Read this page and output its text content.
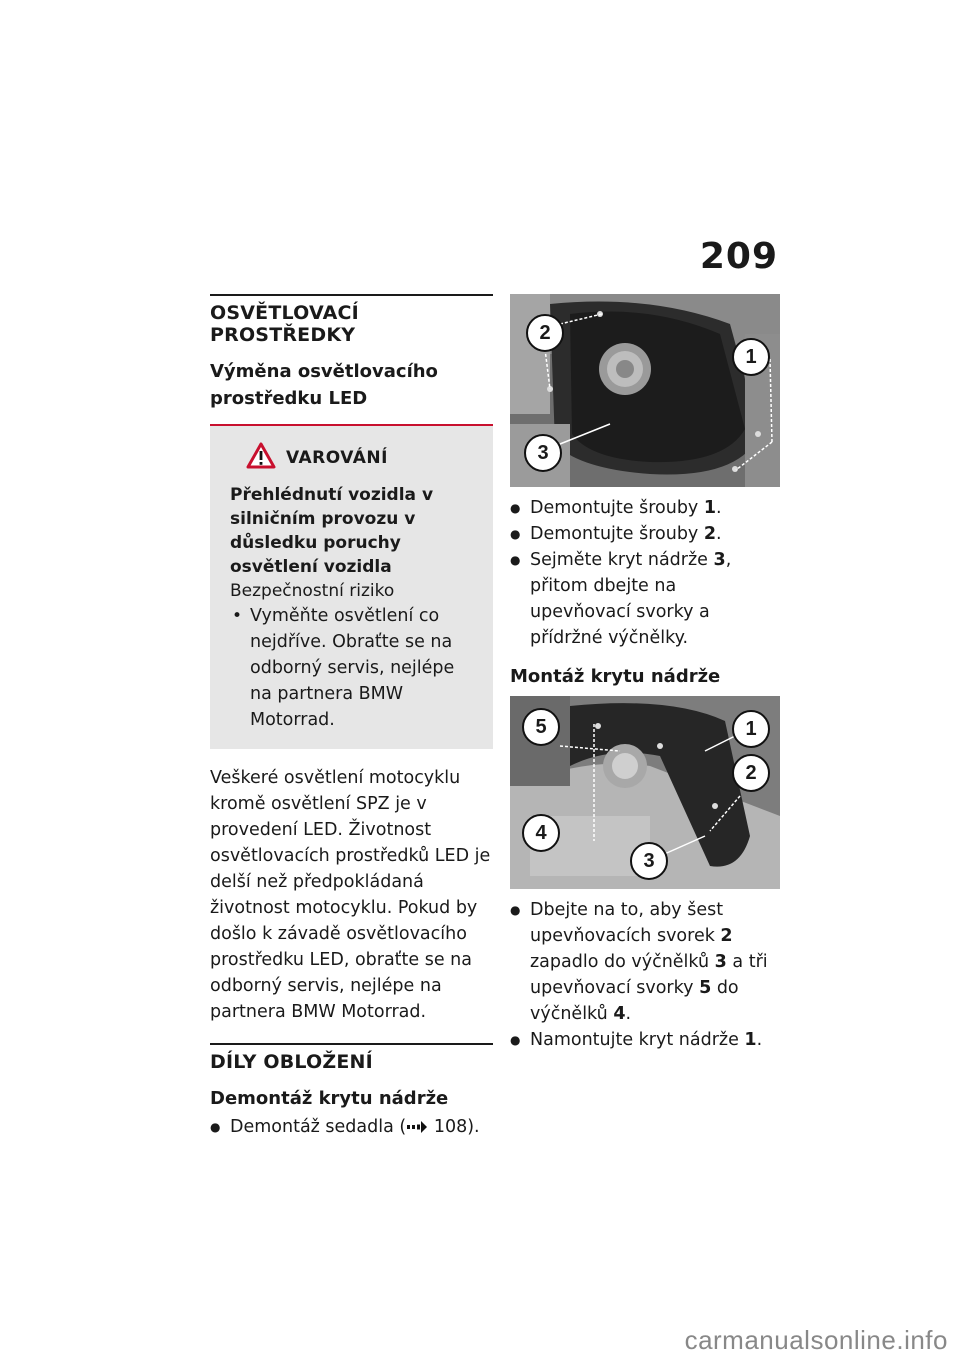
209
OSVĚTLOVACÍ PROSTŘEDKY
Výměna osvětlovacího prostředku LED
VAROVÁNÍ
Přehlédnutí vozidla v silničním provozu v důsledku poruchy osvětlení vozidla
Bezpečnostní riziko
• Vyměňte osvětlení co nejdříve. Obraťte se na odborný servis, nejlépe na partnera BMW Motorrad.

Veškeré osvětlení motocyklu kromě osvětlení SPZ je v provedení LED. Životnost osvětlovacích prostředků LED je delší než předpokládaná životnost motocyklu. Pokud by došlo k závadě osvětlovacího prostředku LED, obraťte se na odborný servis, nejlépe na partnera BMW Motorrad.

DÍLY OBLOŽENÍ
Demontáž krytu nádrže
● Demontáž sedadla ( 108).
1
2
3
● Demontujte šrouby 1.
● Demontujte šrouby 2.
● Sejměte kryt nádrže 3, přitom dbejte na upevňovací svorky a přídržné výčnělky.
Montáž krytu nádrže
1
2
3
4
5
● Dbejte na to, aby šest upevňovacích svorek 2 zapadlo do výčnělků 3 a tři upevňovací svorky 5 do výčnělků 4.
● Namontujte kryt nádrže 1.
carmanualsonline.info
